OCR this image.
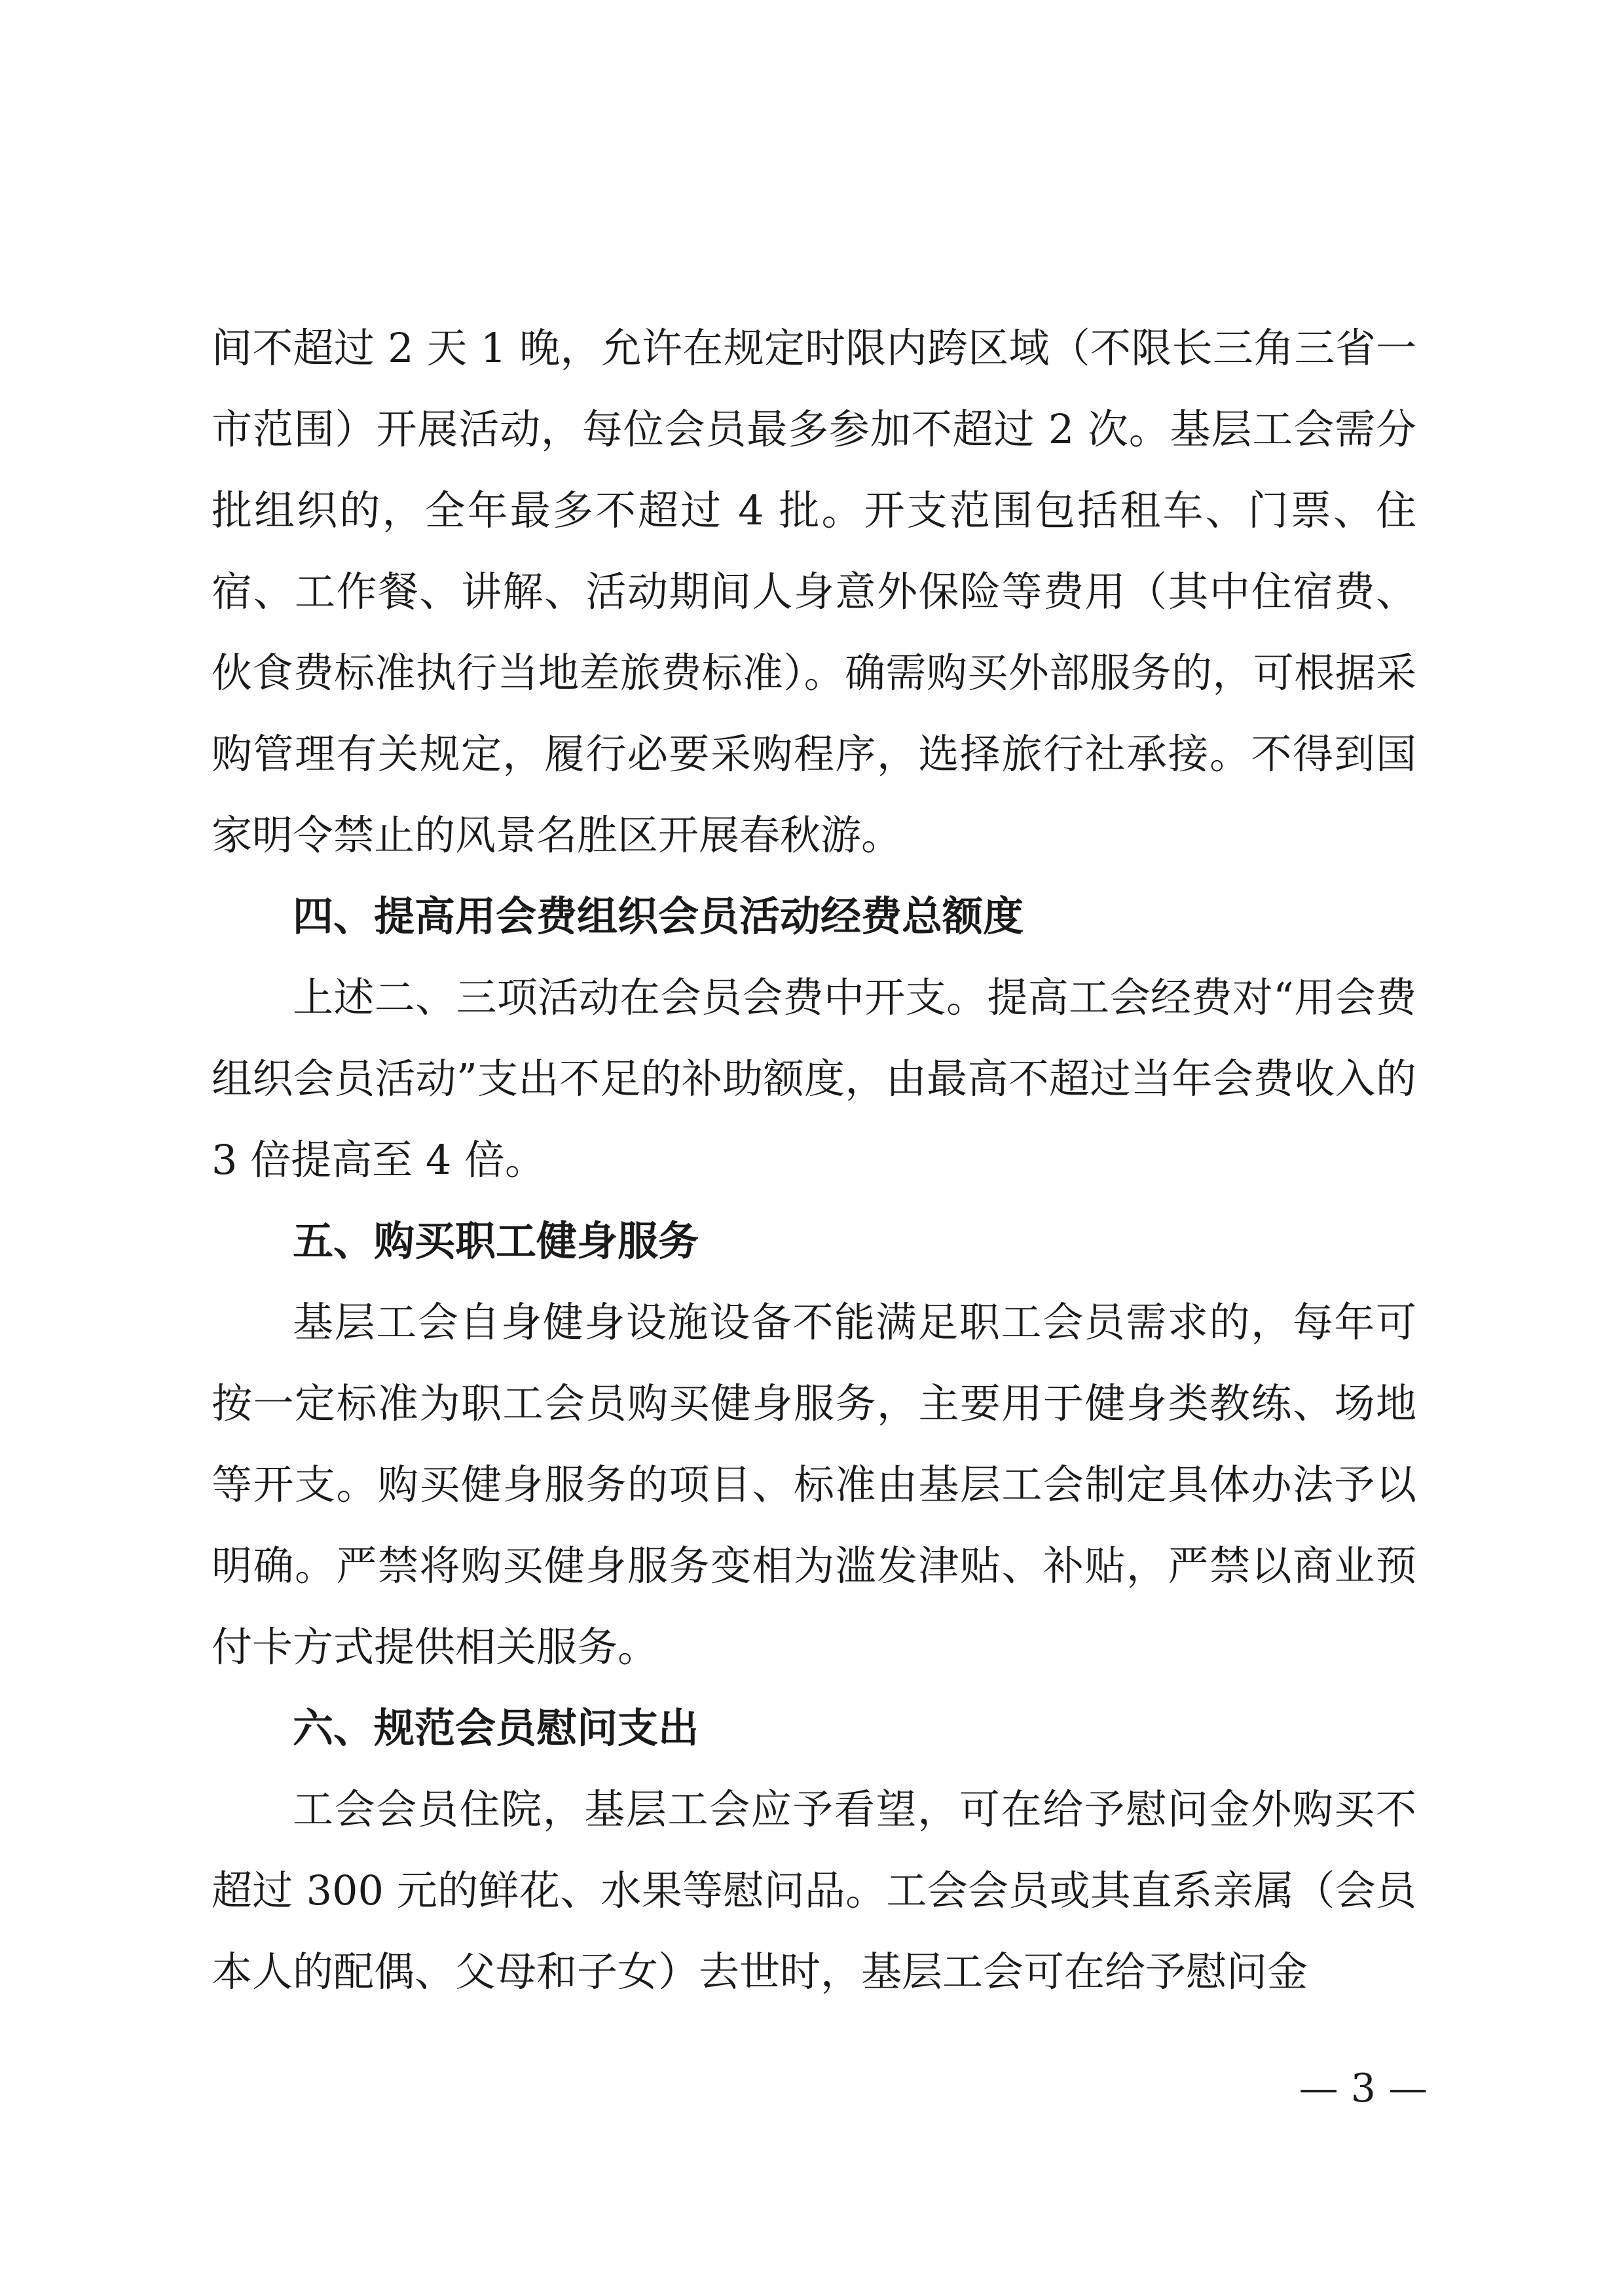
间不超过 2 天 1 晚，允许在规定时限内跨区域（不限长三角三省一市范围）开展活动，每位会员最多参加不超过 2 次。基层工会需分批组织的，全年最多不超过 4 批。开支范围包括租车、门票、住宿、工作餐、讲解、活动期间人身意外保险等费用（其中住宿费、伙食费标准执行当地差旅费标准）。确需购买外部服务的，可根据采购管理有关规定，履行必要采购程序，选择旅行社承接。不得到国家明令禁止的风景名胜区开展春秋游。

四、提高用会费组织会员活动经费总额度

上述二、三项活动在会员会费中开支。提高工会经费对“用会费组织会员活动”支出不足的补助额度，由最高不超过当年会费收入的 3 倍提高至 4 倍。

五、购买职工健身服务

基层工会自身健身设施设备不能满足职工会员需求的，每年可按一定标准为职工会员购买健身服务，主要用于健身类教练、场地等开支。购买健身服务的项目、标准由基层工会制定具体办法予以明确。严禁将购买健身服务变相为滥发津贴、补贴，严禁以商业预付卡方式提供相关服务。

六、规范会员慰问支出

工会会员住院，基层工会应予看望，可在给予慰问金外购买不超过 300 元的鲜花、水果等慰问品。工会会员或其直系亲属（会员本人的配偶、父母和子女）去世时，基层工会可在给予慰问金

— 3 —
